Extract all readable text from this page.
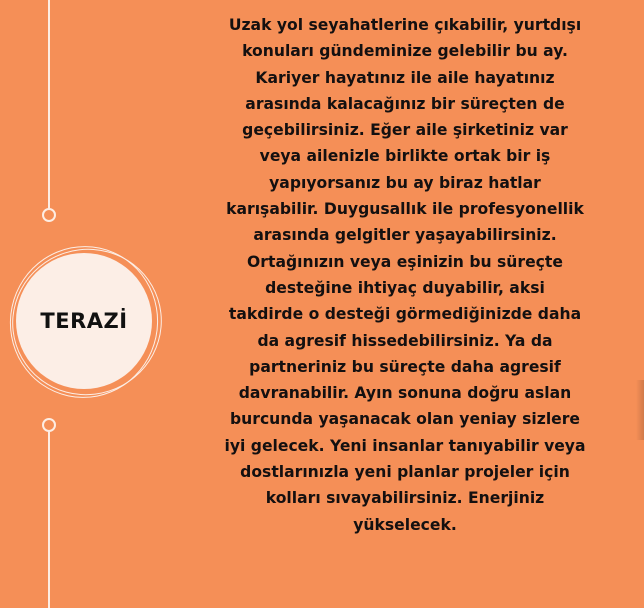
TERAZİ
Uzak yol seyahatlerine çıkabilir, yurtdışı
konuları gündeminize gelebilir bu ay.
Kariyer hayatınız ile aile hayatınız
arasında kalacağınız bir süreçten de
geçebilirsiniz. Eğer aile şirketiniz var
veya ailenizle birlikte ortak bir iş
yapıyorsanız bu ay biraz hatlar
karışabilir. Duygusallık ile profesyonellik
arasında gelgitler yaşayabilirsiniz.
Ortağınızın veya eşinizin bu süreçte
desteğine ihtiyaç duyabilir, aksi
takdirde o desteği görmediğinizde daha
da agresif hissedebilirsiniz. Ya da
partneriniz bu süreçte daha agresif
davranabilir. Ayın sonuna doğru aslan
burcunda yaşanacak olan yeniay sizlere
iyi gelecek. Yeni insanlar tanıyabilir veya
dostlarınızla yeni planlar projeler için
kolları sıvayabilirsiniz. Enerjiniz
yükselecek.
